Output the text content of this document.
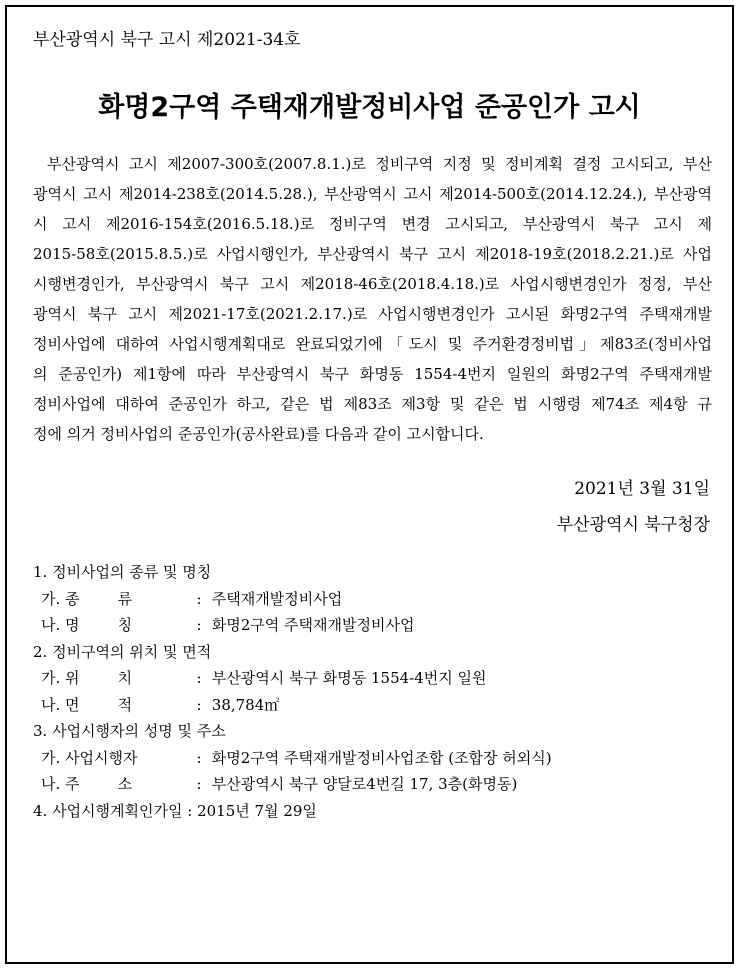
부산광역시 북구 고시 제2021-34호
화명2구역 주택재개발정비사업 준공인가 고시
부산광역시 고시 제2007-300호(2007.8.1.)로 정비구역 지정 및 정비계획 결정 고시되고, 부산
광역시 고시 제2014-238호(2014.5.28.), 부산광역시 고시 제2014-500호(2014.12.24.), 부산광역
시 고시 제2016-154호(2016.5.18.)로 정비구역 변경 고시되고, 부산광역시 북구 고시 제
2015-58호(2015.8.5.)로 사업시행인가, 부산광역시 북구 고시 제2018-19호(2018.2.21.)로 사업
시행변경인가, 부산광역시 북구 고시 제2018-46호(2018.4.18.)로 사업시행변경인가 정정, 부산
광역시 북구 고시 제2021-17호(2021.2.17.)로 사업시행변경인가 고시된 화명2구역 주택재개발
정비사업에 대하여 사업시행계획대로 완료되었기에「도시 및 주거환경정비법」제83조(정비사업
의 준공인가) 제1항에 따라 부산광역시 북구 화명동 1554-4번지 일원의 화명2구역 주택재개발
정비사업에 대하여 준공인가 하고, 같은 법 제83조 제3항 및 같은 법 시행령 제74조 제4항 규
정에 의거 정비사업의 준공인가(공사완료)를 다음과 같이 고시합니다.
2021년 3월 31일
부산광역시 북구청장
1. 정비사업의 종류 및 명칭
가. 종        류	: 주택재개발정비사업
나. 명        칭	: 화명2구역 주택재개발정비사업
2. 정비구역의 위치 및 면적
가. 위        치	: 부산광역시 북구 화명동 1554-4번지 일원
나. 면        적	: 38,784㎡
3. 사업시행자의 성명 및 주소
가. 사업시행자	: 화명2구역 주택재개발정비사업조합 (조합장 허외식)
나. 주        소	: 부산광역시 북구 양달로4번길 17, 3층(화명동)
4. 사업시행계획인가일 : 2015년 7월 29일
